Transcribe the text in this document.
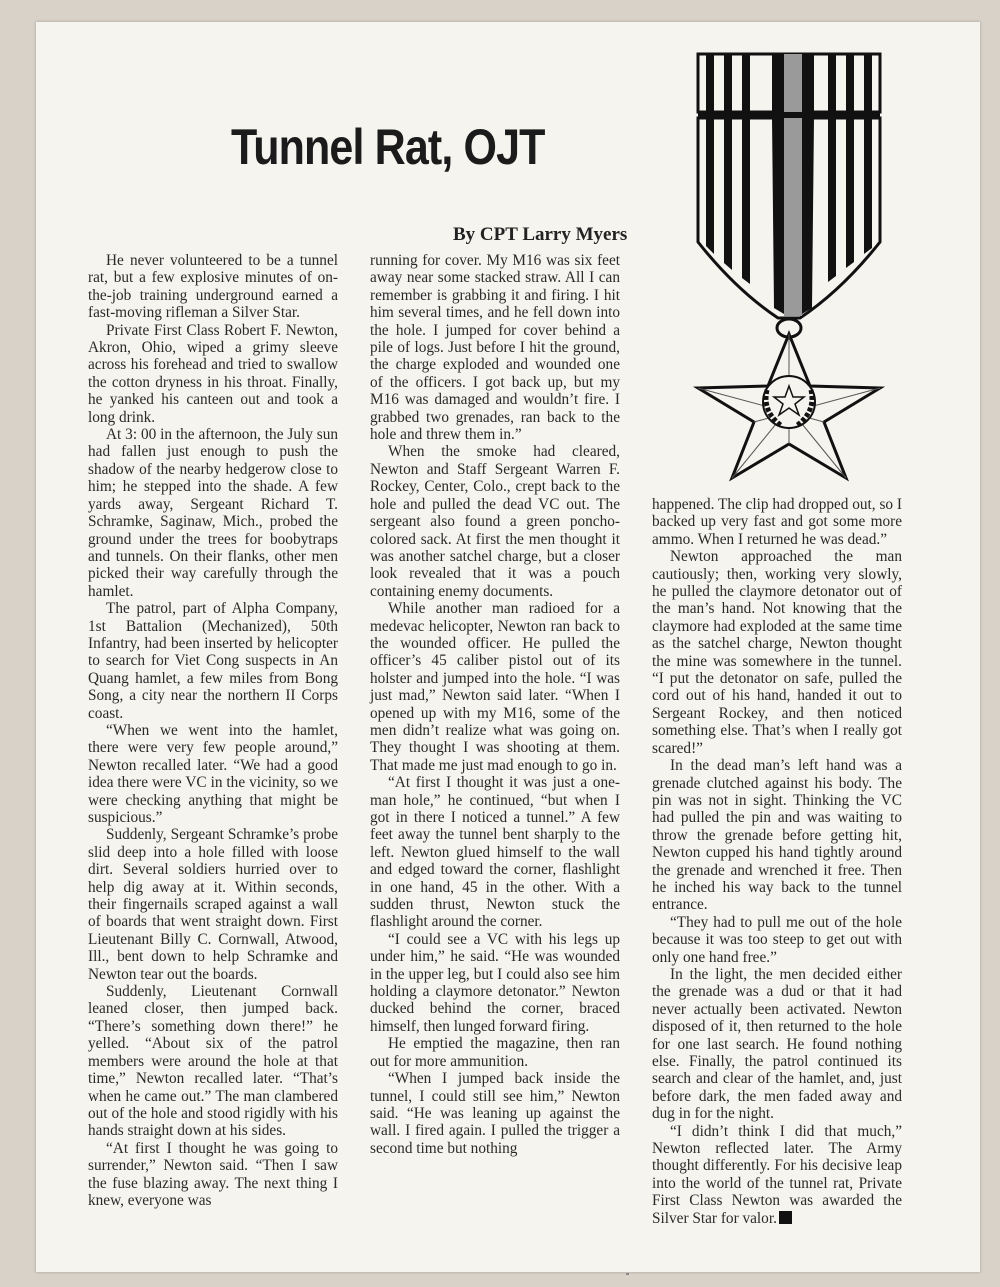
Tunnel Rat, OJT
By CPT Larry Myers

He never volunteered to be a tunnel rat, but a few explosive minutes of on-the-job training underground earned a fast-moving rifleman a Silver Star.

Private First Class Robert F. Newton, Akron, Ohio, wiped a grimy sleeve across his forehead and tried to swallow the cotton dryness in his throat. Finally, he yanked his canteen out and took a long drink.

At 3: 00 in the afternoon, the July sun had fallen just enough to push the shadow of the nearby hedgerow close to him; he stepped into the shade. A few yards away, Sergeant Richard T. Schramke, Saginaw, Mich., probed the ground under the trees for boobytraps and tunnels. On their flanks, other men picked their way carefully through the hamlet.

The patrol, part of Alpha Company, 1st Battalion (Mechanized), 50th Infantry, had been inserted by helicopter to search for Viet Cong suspects in An Quang hamlet, a few miles from Bong Song, a city near the northern II Corps coast.

“When we went into the hamlet, there were very few people around,” Newton recalled later. “We had a good idea there were VC in the vicinity, so we were checking anything that might be suspicious.”

Suddenly, Sergeant Schramke’s probe slid deep into a hole filled with loose dirt. Several soldiers hurried over to help dig away at it. Within seconds, their fingernails scraped against a wall of boards that went straight down. First Lieutenant Billy C. Cornwall, Atwood, Ill., bent down to help Schramke and Newton tear out the boards.

Suddenly, Lieutenant Cornwall leaned closer, then jumped back. “There’s something down there!” he yelled. “About six of the patrol members were around the hole at that time,” Newton recalled later. “That’s when he came out.” The man clambered out of the hole and stood rigidly with his hands straight down at his sides.

“At first I thought he was going to surrender,” Newton said. “Then I saw the fuse blazing away. The next thing I knew, everyone was

running for cover. My M16 was six feet away near some stacked straw. All I can remember is grabbing it and firing. I hit him several times, and he fell down into the hole. I jumped for cover behind a pile of logs. Just before I hit the ground, the charge exploded and wounded one of the officers. I got back up, but my M16 was damaged and wouldn’t fire. I grabbed two grenades, ran back to the hole and threw them in.”

When the smoke had cleared, Newton and Staff Sergeant Warren F. Rockey, Center, Colo., crept back to the hole and pulled the dead VC out. The sergeant also found a green poncho-colored sack. At first the men thought it was another satchel charge, but a closer look revealed that it was a pouch containing enemy documents.

While another man radioed for a medevac helicopter, Newton ran back to the wounded officer. He pulled the officer’s 45 caliber pistol out of its holster and jumped into the hole. “I was just mad,” Newton said later. “When I opened up with my M16, some of the men didn’t realize what was going on. They thought I was shooting at them. That made me just mad enough to go in.

“At first I thought it was just a one-man hole,” he continued, “but when I got in there I noticed a tunnel.” A few feet away the tunnel bent sharply to the left. Newton glued himself to the wall and edged toward the corner, flashlight in one hand, 45 in the other. With a sudden thrust, Newton stuck the flashlight around the corner.

“I could see a VC with his legs up under him,” he said. “He was wounded in the upper leg, but I could also see him holding a claymore detonator.” Newton ducked behind the corner, braced himself, then lunged forward firing.

He emptied the magazine, then ran out for more ammunition.

“When I jumped back inside the tunnel, I could still see him,” Newton said. “He was leaning up against the wall. I fired again. I pulled the trigger a second time but nothing

happened. The clip had dropped out, so I backed up very fast and got some more ammo. When I returned he was dead.”

Newton approached the man cautiously; then, working very slowly, he pulled the claymore detonator out of the man’s hand. Not knowing that the claymore had exploded at the same time as the satchel charge, Newton thought the mine was somewhere in the tunnel. “I put the detonator on safe, pulled the cord out of his hand, handed it out to Sergeant Rockey, and then noticed something else. That’s when I really got scared!”

In the dead man’s left hand was a grenade clutched against his body. The pin was not in sight. Thinking the VC had pulled the pin and was waiting to throw the grenade before getting hit, Newton cupped his hand tightly around the grenade and wrenched it free. Then he inched his way back to the tunnel entrance.

“They had to pull me out of the hole because it was too steep to get out with only one hand free.”

In the light, the men decided either the grenade was a dud or that it had never actually been activated. Newton disposed of it, then returned to the hole for one last search. He found nothing else. Finally, the patrol continued its search and clear of the hamlet, and, just before dark, the men faded away and dug in for the night.

“I didn’t think I did that much,” Newton reflected later. The Army thought differently. For his decisive leap into the world of the tunnel rat, Private First Class Newton was awarded the Silver Star for valor.
